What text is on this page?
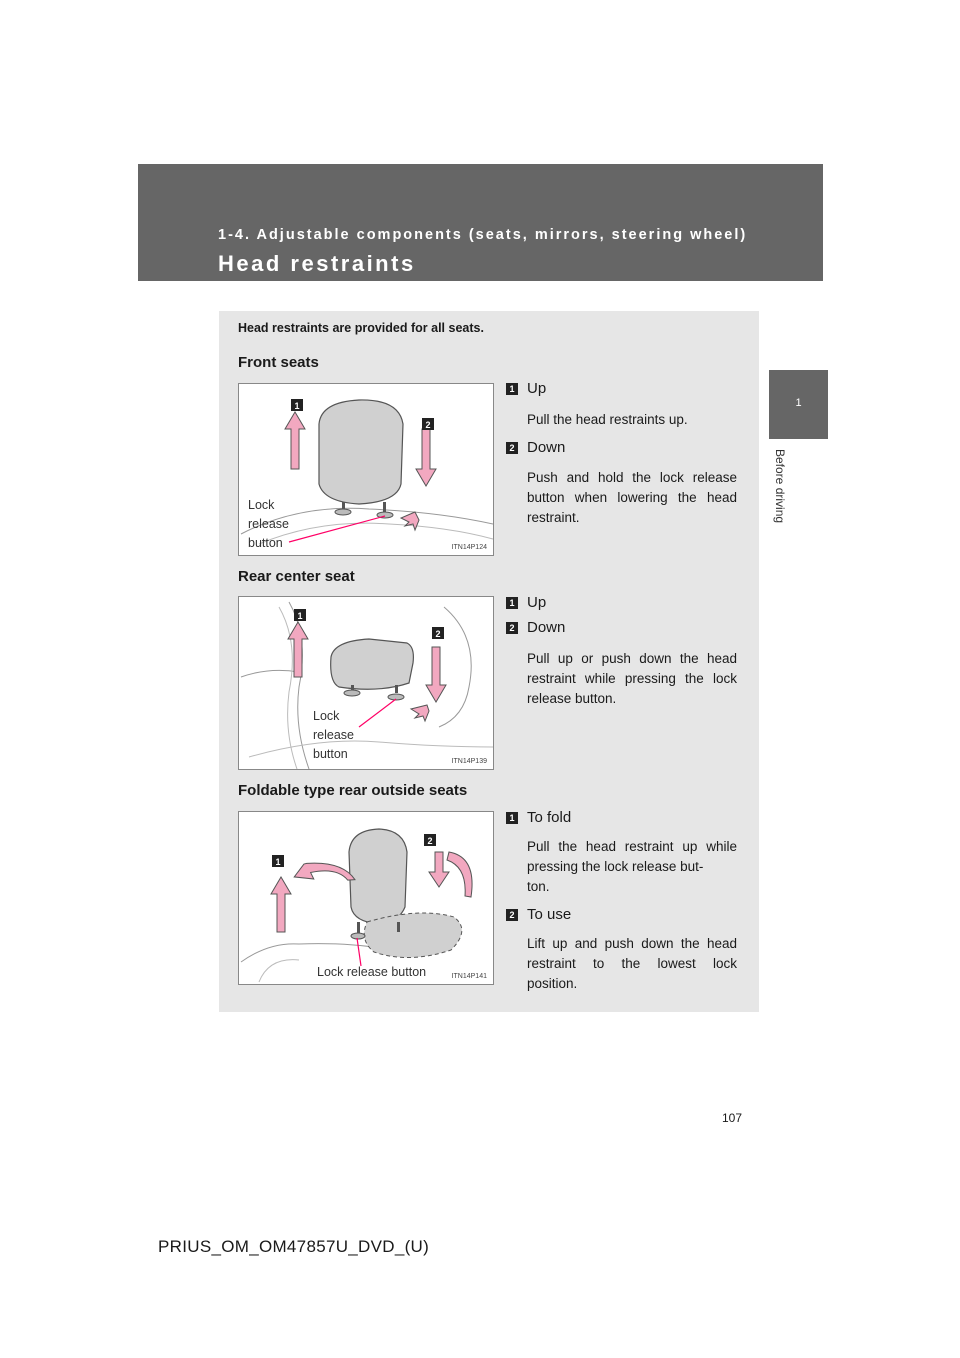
1-4. Adjustable components (seats, mirrors, steering wheel)
Head restraints
1
Before driving
Head restraints are provided for all seats.
Front seats
1
2
Lock
release
button	ITN14P124
1 Up
Pull the head restraints up.
2 Down
Push and hold the lock release button when lowering the head restraint.
Rear center seat
1
2
Lock
release
button
ITN14P139
1 Up
2 Down
Pull up or push down the head restraint while pressing the lock release button.
Foldable type rear outside seats
1
2
Lock release button	ITN14P141
1 To fold
Pull the head restraint up while pressing the lock release but-
ton.
2 To use
Lift up and push down the head restraint to the lowest lock position.
107
PRIUS_OM_OM47857U_DVD_(U)
